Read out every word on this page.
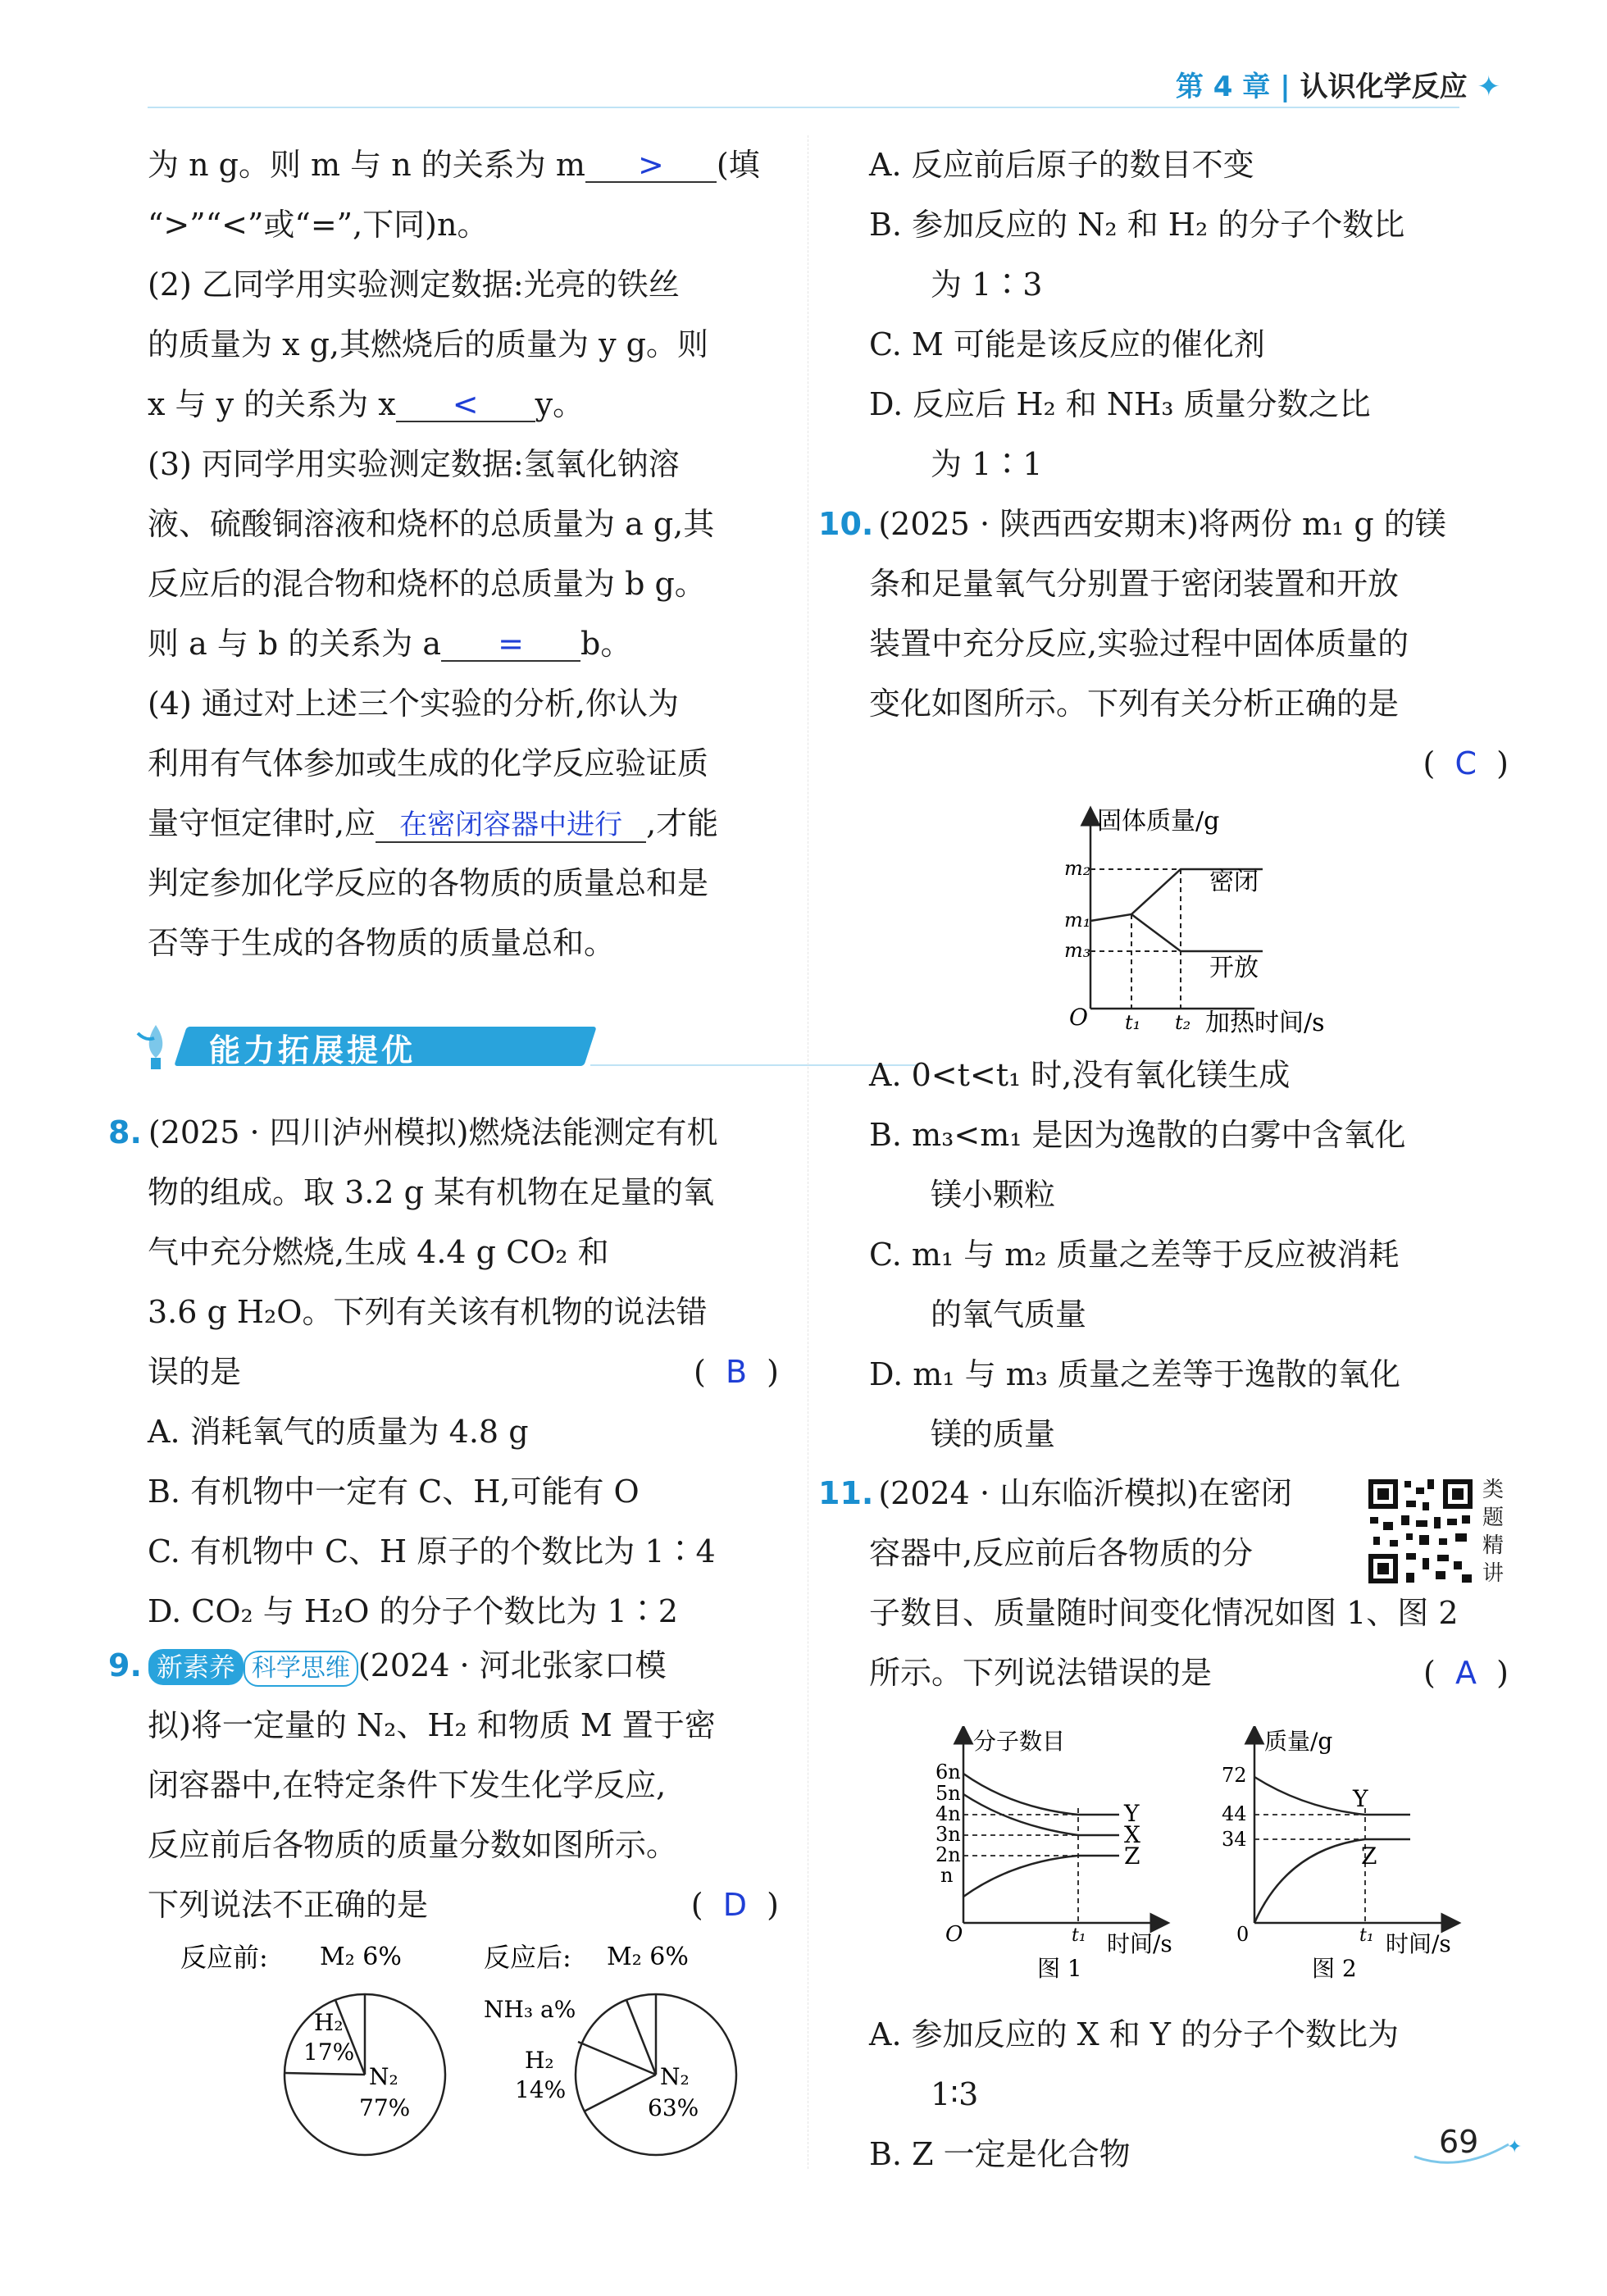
第 4 章 | 认识化学反应 ✦
为 n g。则 m 与 n 的关系为 m > (填
“>”“<”或“=”,下同)n。
(2) 乙同学用实验测定数据:光亮的铁丝
的质量为 x g,其燃烧后的质量为 y g。则
x 与 y 的关系为 x < y。
(3) 丙同学用实验测定数据:氢氧化钠溶
液、硫酸铜溶液和烧杯的总质量为 a g,其
反应后的混合物和烧杯的总质量为 b g。
则 a 与 b 的关系为 a = b。
(4) 通过对上述三个实验的分析,你认为
利用有气体参加或生成的化学反应验证质
量守恒定律时,应 在密闭容器中进行 ,才能
判定参加化学反应的各物质的质量总和是
否等于生成的各物质的质量总和。
能力拓展提优
8. (2025 · 四川泸州模拟)燃烧法能测定有机
物的组成。取 3.2 g 某有机物在足量的氧
气中充分燃烧,生成 4.4 g CO₂ 和
3.6 g H₂O。下列有关该有机物的说法错
误的是	(  B  )
A. 消耗氧气的质量为 4.8 g
B. 有机物中一定有 C、H,可能有 O
C. 有机物中 C、H 原子的个数比为 1∶4
D. CO₂ 与 H₂O 的分子个数比为 1∶2
9. 新素养 科学思维 (2024 · 河北张家口模
拟)将一定量的 N₂、H₂ 和物质 M 置于密
闭容器中,在特定条件下发生化学反应,
反应前后各物质的质量分数如图所示。
下列说法不正确的是	(  D  )
反应前: M₂ 6%
H₂
17%
N₂
77%
反应后: M₂ 6%
NH₃ a%
H₂
14%	N₂
63%
A. 反应前后原子的数目不变
B. 参加反应的 N₂ 和 H₂ 的分子个数比
为 1∶3
C. M 可能是该反应的催化剂
D. 反应后 H₂ 和 NH₃ 质量分数之比
为 1∶1
10. (2025 · 陕西西安期末)将两份 m₁ g 的镁
条和足量氧气分别置于密闭装置和开放
装置中充分反应,实验过程中固体质量的
变化如图所示。下列有关分析正确的是
(  C  )
固体质量/g
加热时间/s
m₂
m₁
m₃
O t₁ t₂
密闭
开放
A. 0<t<t₁ 时,没有氧化镁生成
B. m₃<m₁ 是因为逸散的白雾中含氧化
镁小颗粒
C. m₁ 与 m₂ 质量之差等于反应被消耗
的氧气质量
D. m₁ 与 m₃ 质量之差等于逸散的氧化
镁的质量
11. (2024 · 山东临沂模拟)在密闭
容器中,反应前后各物质的分
子数目、质量随时间变化情况如图 1、图 2
所示。下列说法错误的是	(  A  )
类
题
精
讲
分子数目
时间/s
6n
5n
4n
3n
2n
n
O	t₁
Y
X
Z
图 1
质量/g
时间/s
72
44
34
0	t₁
Y
Z
图 2
A. 参加反应的 X 和 Y 的分子个数比为
1∶3
B. Z 一定是化合物	✦
69
